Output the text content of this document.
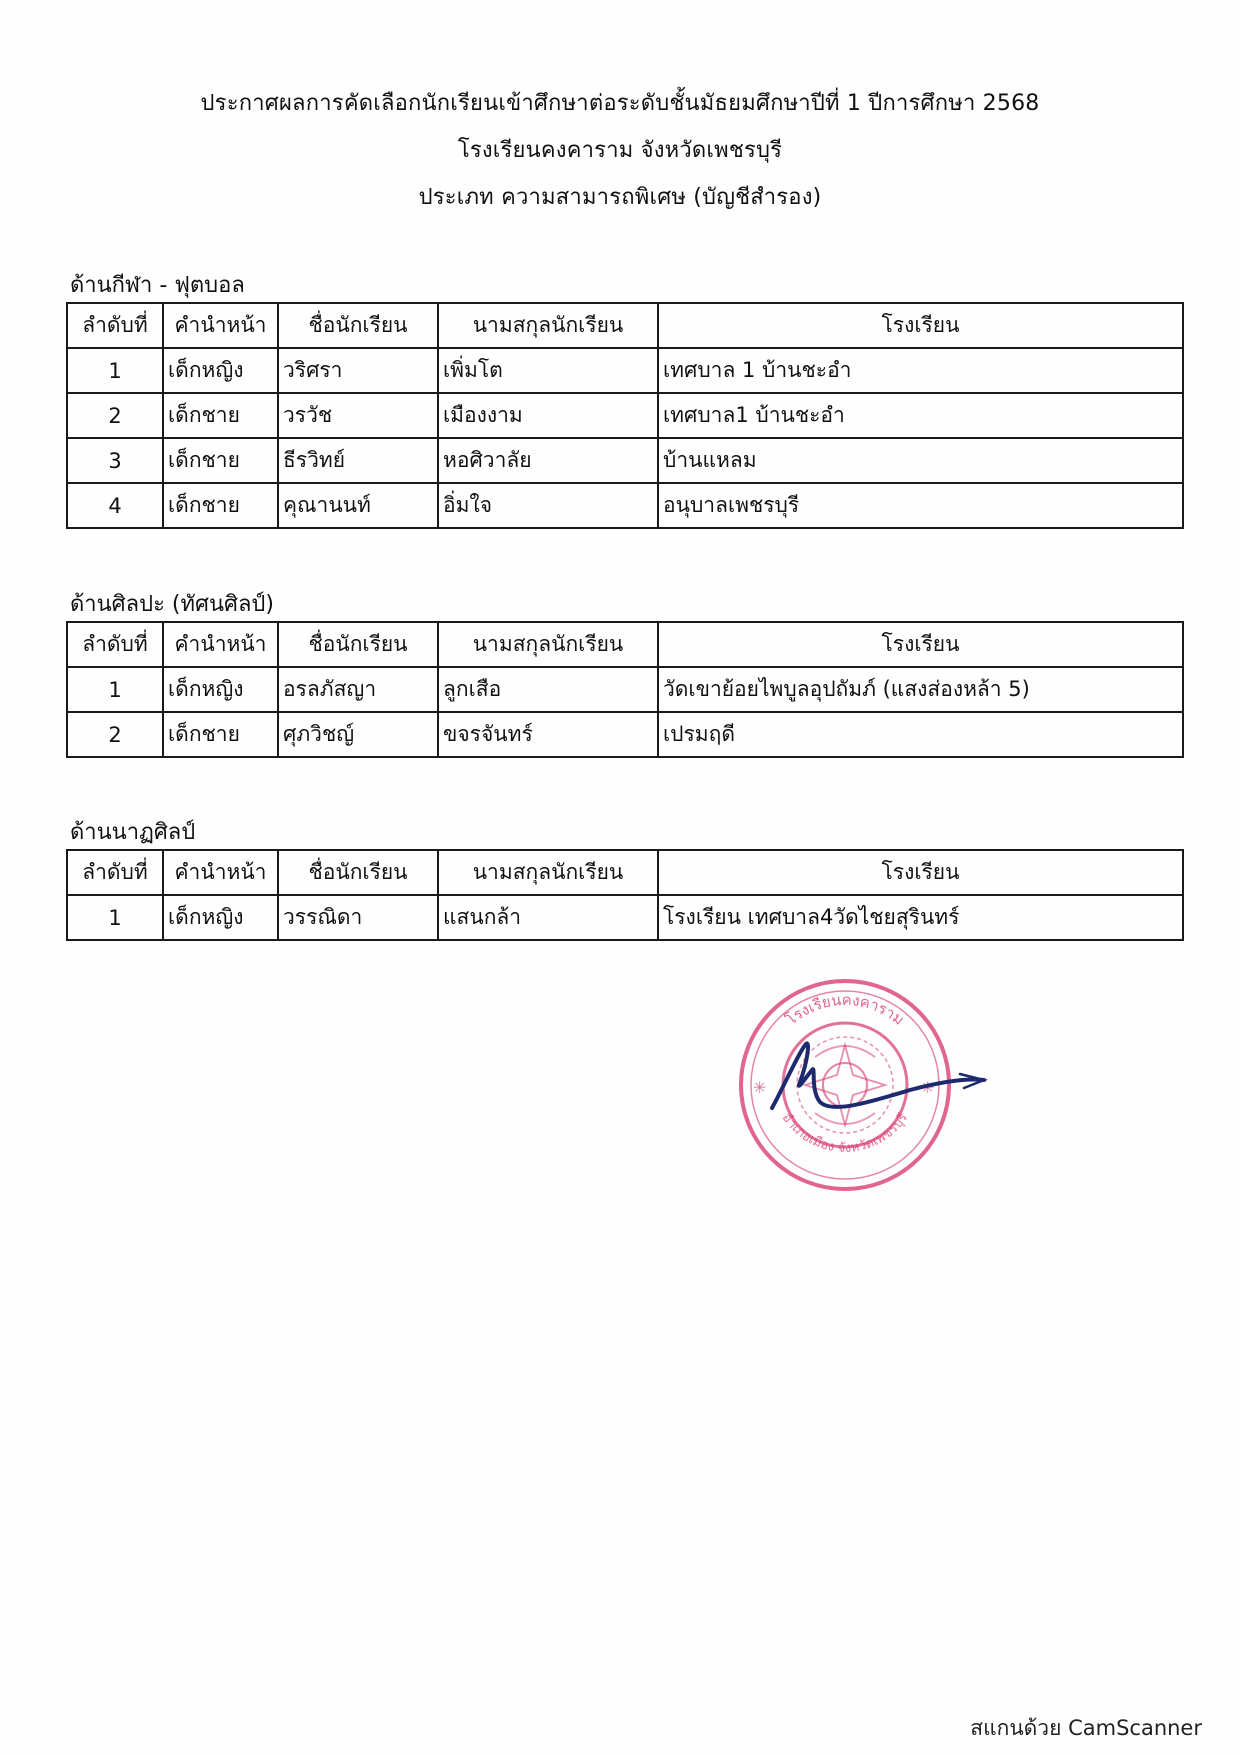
ประกาศผลการคัดเลือกนักเรียนเข้าศึกษาต่อระดับชั้นมัธยมศึกษาปีที่ 1 ปีการศึกษา 2568
โรงเรียนคงคาราม จังหวัดเพชรบุรี
ประเภท ความสามารถพิเศษ (บัญชีสำรอง)
ด้านกีฬา - ฟุตบอล
ลำดับที่	คำนำหน้า	ชื่อนักเรียน	นามสกุลนักเรียน	โรงเรียน
1	เด็กหญิง	วริศรา	เพิ่มโต	เทศบาล 1 บ้านชะอำ
2	เด็กชาย	วรวัช	เมืองงาม	เทศบาล1 บ้านชะอำ
3	เด็กชาย	ธีรวิทย์	หอศิวาลัย	บ้านแหลม
4	เด็กชาย	คุณานนท์	อิ่มใจ	อนุบาลเพชรบุรี
ด้านศิลปะ (ทัศนศิลป์)
ลำดับที่	คำนำหน้า	ชื่อนักเรียน	นามสกุลนักเรียน	โรงเรียน
1	เด็กหญิง	อรลภัสญา	ลูกเสือ	วัดเขาย้อยไพบูลอุปถัมภ์ (แสงส่องหล้า 5)
2	เด็กชาย	ศุภวิชญ์	ขจรจันทร์	เปรมฤดี
ด้านนาฏศิลป์
ลำดับที่	คำนำหน้า	ชื่อนักเรียน	นามสกุลนักเรียน	โรงเรียน
1	เด็กหญิง	วรรณิดา	แสนกล้า	โรงเรียน เทศบาล4วัดไชยสุรินทร์
✳	✳
โรงเรียนคงคาราม
อำเภอเมือง จังหวัดเพชรบุรี
สแกนด้วย CamScanner
